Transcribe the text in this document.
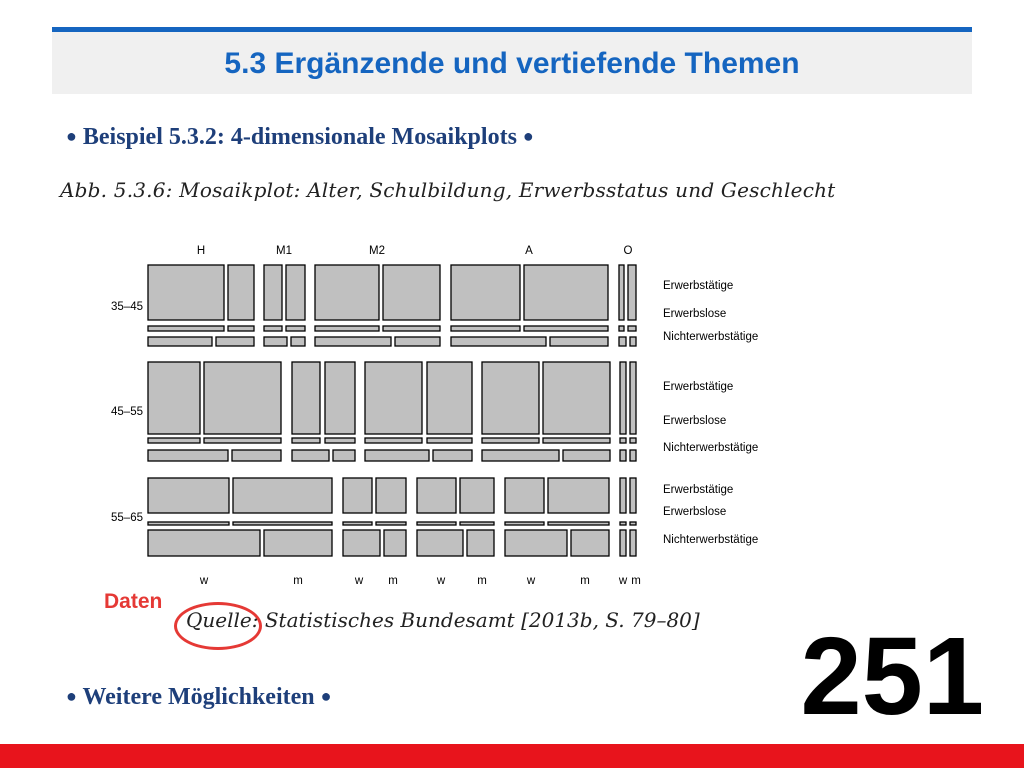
5.3 Ergänzende und vertiefende Themen
● Beispiel 5.3.2: 4-dimensionale Mosaikplots ●
Abb. 5.3.6: Mosaikplot: Alter, Schulbildung, Erwerbsstatus und Geschlecht
H	M1	M2	A	O
35–45
45–55
55–65
Erwerbstätige
Erwerbslose
Nichterwerbstätige
Erwerbstätige
Erwerbslose
Nichterwerbstätige
Erwerbstätige
Erwerbslose
Nichterwerbstätige
w	m	w m	w	m	w	m	w m
Daten
Quelle: Statistisches Bundesamt [2013b, S. 79–80]
● Weitere Möglichkeiten ●	251
